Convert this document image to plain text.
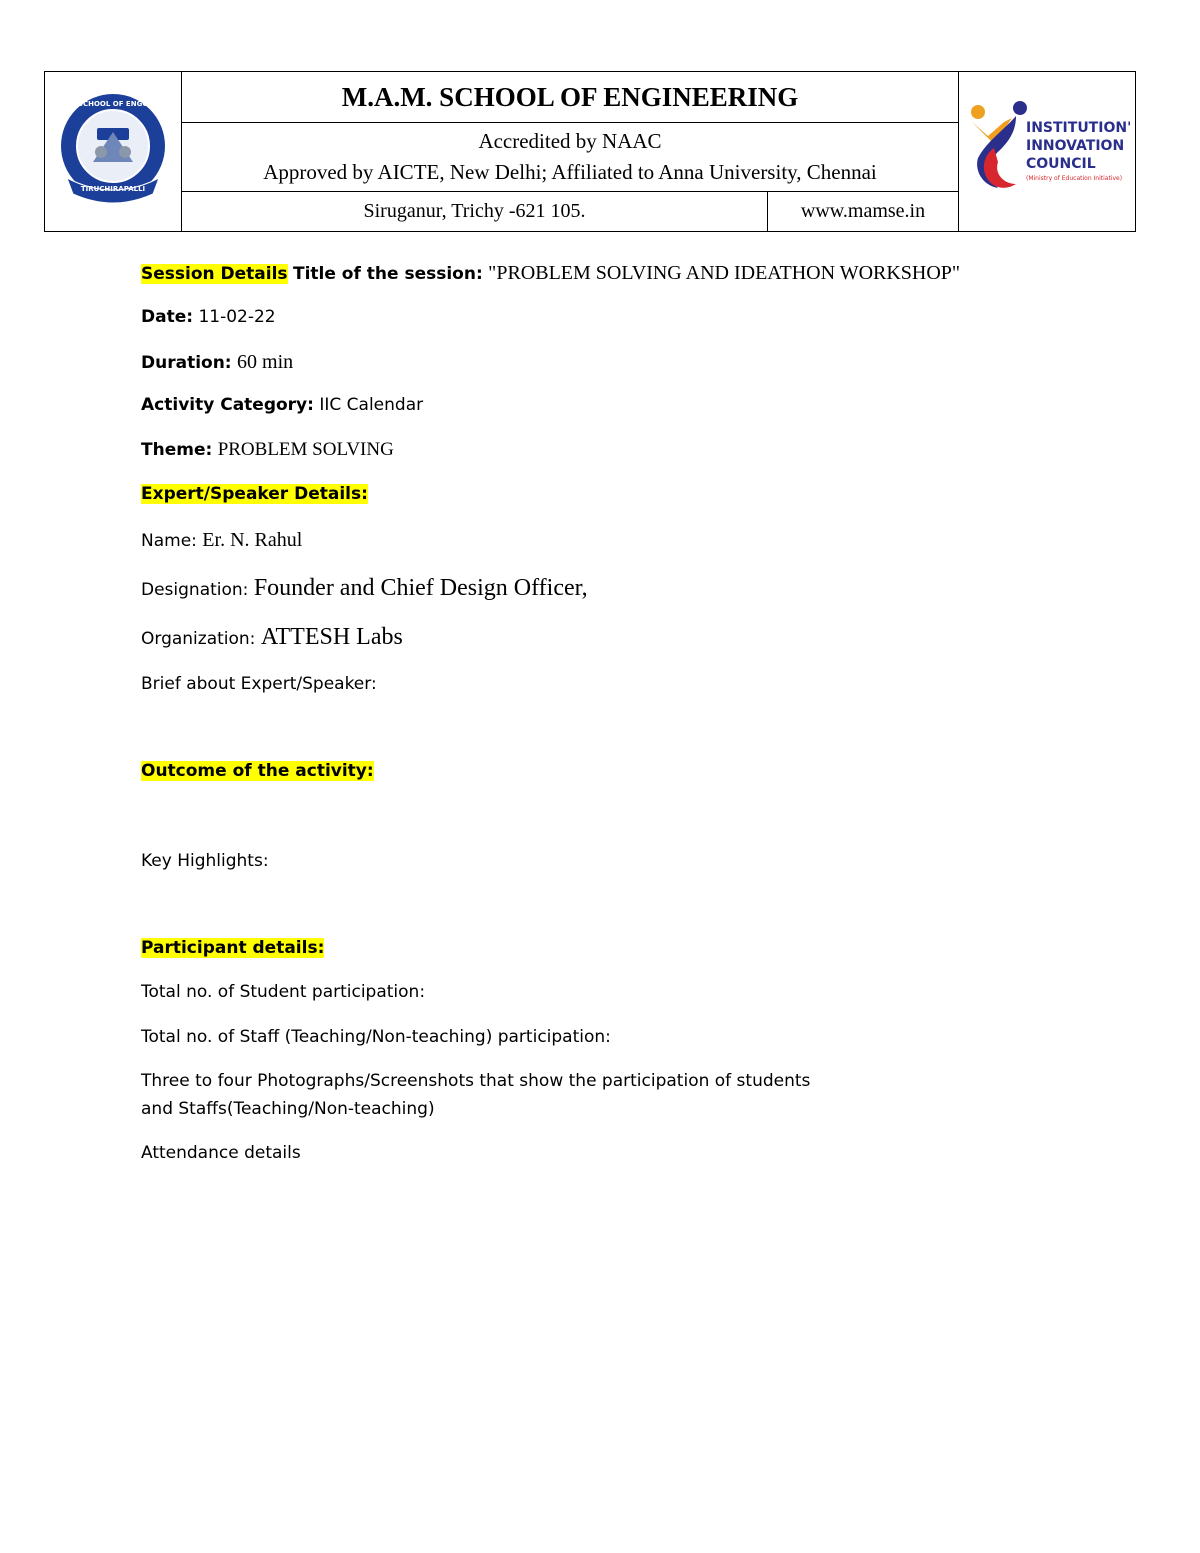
SCHOOL OF ENGG
TIRUCHIRAPALLI
	M.A.M. SCHOOL OF ENGINEERING	
INSTITUTION'S
INNOVATION
COUNCIL
(Ministry of Education Initiative)

Accredited by NAAC
Approved by AICTE, New Delhi; Affiliated to Anna University, Chennai

Siruganur, Trichy -621 105.	www.mamse.in
Session Details Title of the session: "PROBLEM SOLVING AND IDEATHON WORKSHOP"
Date: 11-02-22
Duration: 60 min
Activity Category: IIC Calendar
Theme: PROBLEM SOLVING
Expert/Speaker Details:
Name: Er. N. Rahul
Designation: Founder and Chief Design Officer,
Organization: ATTESH Labs
Brief about Expert/Speaker:
Outcome of the activity:
Key Highlights:
Participant details:
Total no. of Student participation:
Total no. of Staff (Teaching/Non-teaching) participation:
Three to four Photographs/Screenshots that show the participation of students
and Staffs(Teaching/Non-teaching)
Attendance details
